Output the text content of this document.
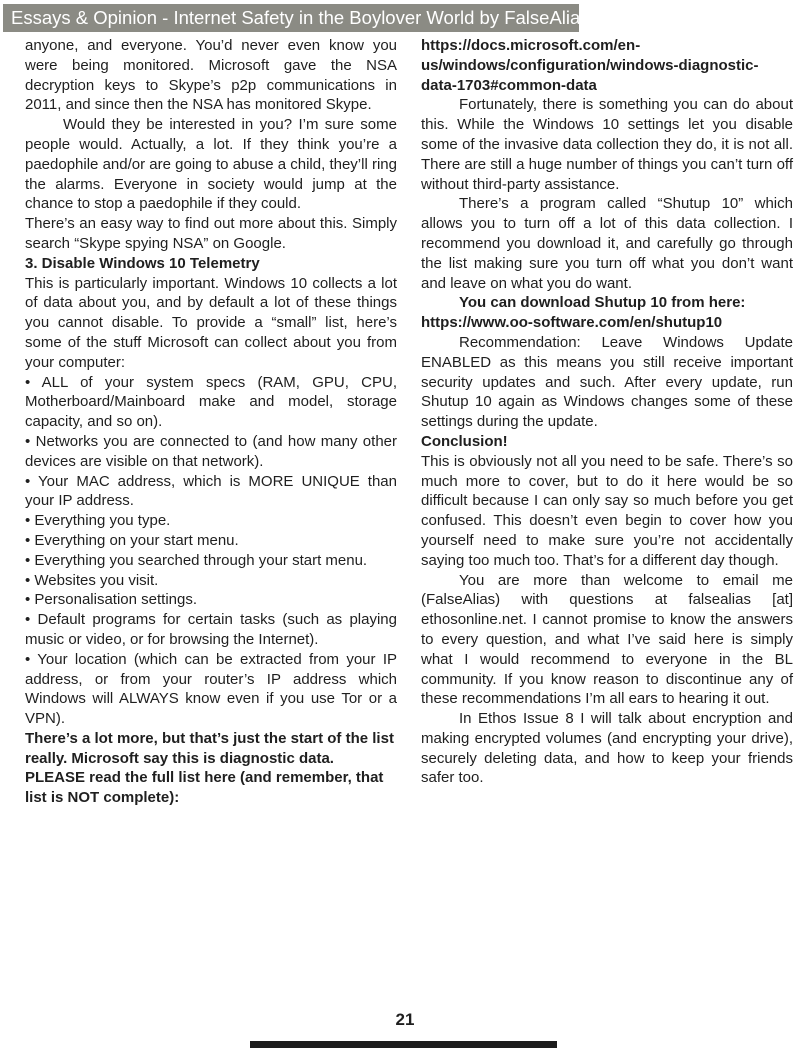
Essays & Opinion - Internet Safety in the Boylover World by FalseAlias

anyone, and everyone. You’d never even know you were being monitored. Microsoft gave the NSA decryption keys to Skype’s p2p communications in 2011, and since then the NSA has monitored Skype.

Would they be interested in you? I’m sure some people would. Actually, a lot. If they think you’re a paedophile and/or are going to abuse a child, they’ll ring the alarms. Everyone in society would jump at the chance to stop a paedophile if they could.

There’s an easy way to find out more about this. Simply search “Skype spying NSA” on Google.

3. Disable Windows 10 Telemetry

This is particularly important. Windows 10 collects a lot of data about you, and by default a lot of these things you cannot disable. To provide a “small” list, here’s some of the stuff Microsoft can collect about you from your computer:

• ALL of your system specs (RAM, GPU, CPU, Motherboard/Mainboard make and model, storage capacity, and so on).

• Networks you are connected to (and how many other devices are visible on that network).

• Your MAC address, which is MORE UNIQUE than your IP address.

• Everything you type.

• Everything on your start menu.

• Everything you searched through your start menu.

• Websites you visit.

• Personalisation settings.

• Default programs for certain tasks (such as playing music or video, or for browsing the Internet).

• Your location (which can be extracted from your IP address, or from your router’s IP address which Windows will ALWAYS know even if you use Tor or a VPN).

There’s a lot more, but that’s just the start of the list really. Microsoft say this is diagnostic data. PLEASE read the full list here (and remember, that list is NOT complete):

https://docs.microsoft.com/en-us/windows/configuration/windows-diagnostic-data-1703#common-data

Fortunately, there is something you can do about this. While the Windows 10 settings let you disable some of the invasive data collection they do, it is not all. There are still a huge number of things you can’t turn off without third-party assistance.

There’s a program called “Shutup 10” which allows you to turn off a lot of this data collection. I recommend you download it, and carefully go through the list making sure you turn off what you don’t want and leave on what you do want.

You can download Shutup 10 from here: https://www.oo-software.com/en/shutup10

Recommendation: Leave Windows Update ENABLED as this means you still receive important security updates and such. After every update, run Shutup 10 again as Windows changes some of these settings during the update.

Conclusion!

This is obviously not all you need to be safe. There’s so much more to cover, but to do it here would be so difficult because I can only say so much before you get confused. This doesn’t even begin to cover how you yourself need to make sure you’re not accidentally saying too much too. That’s for a different day though.

You are more than welcome to email me (FalseAlias) with questions at falsealias [at] ethosonline.net. I cannot promise to know the answers to every question, and what I’ve said here is simply what I would recommend to everyone in the BL community. If you know reason to discontinue any of these recommendations I’m all ears to hearing it out.

In Ethos Issue 8 I will talk about encryption and making encrypted volumes (and encrypting your drive), securely deleting data, and how to keep your friends safer too.

21
